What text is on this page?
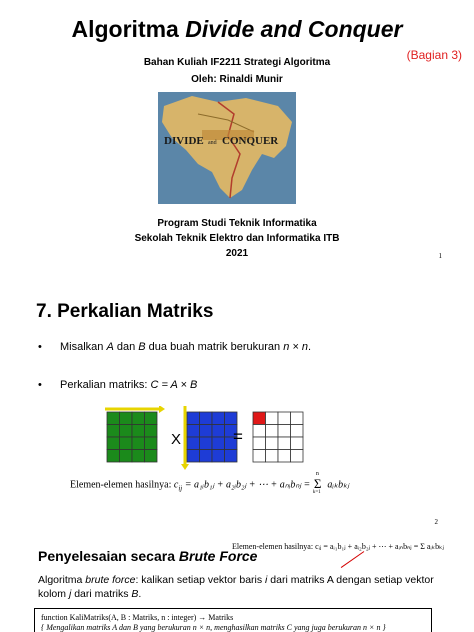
Algoritma Divide and Conquer
(Bagian 3)
Bahan Kuliah IF2211 Strategi Algoritma
Oleh: Rinaldi Munir
DIVIDE and CONQUER
Program Studi Teknik Informatika
Sekolah Teknik Elektro dan Informatika ITB
2021	1
7. Perkalian Matriks
• Misalkan A dan B dua buah matrik berukuran n × n.
• Perkalian matriks: C = A × B
X	=
Elemen-elemen hasilnya: $c_{ij}$ = a₁ᵢb₁ⱼ + a₂ᵢb₂ⱼ + ⋯ + aₙᵢbₙⱼ =
n
Σ
k=1
aᵢₖbₖⱼ
2
Elemen-elemen hasilnya: cᵢⱼ = aᵢ₁b₁ⱼ + aᵢ₂b₂ⱼ + ⋯ + aᵢₙbₙⱼ = Σ aᵢₖbₖⱼ
Penyelesaian secara Brute Force
Algoritma brute force: kalikan setiap vektor baris i dari matriks A dengan setiap vektor kolom j dari matriks B.
function KaliMatriks(A, B : Matriks, n : integer) → Matriks
{ Mengalikan matriks A dan B yang berukuran n × n, menghasilkan matriks C yang juga berukuran n × n }
